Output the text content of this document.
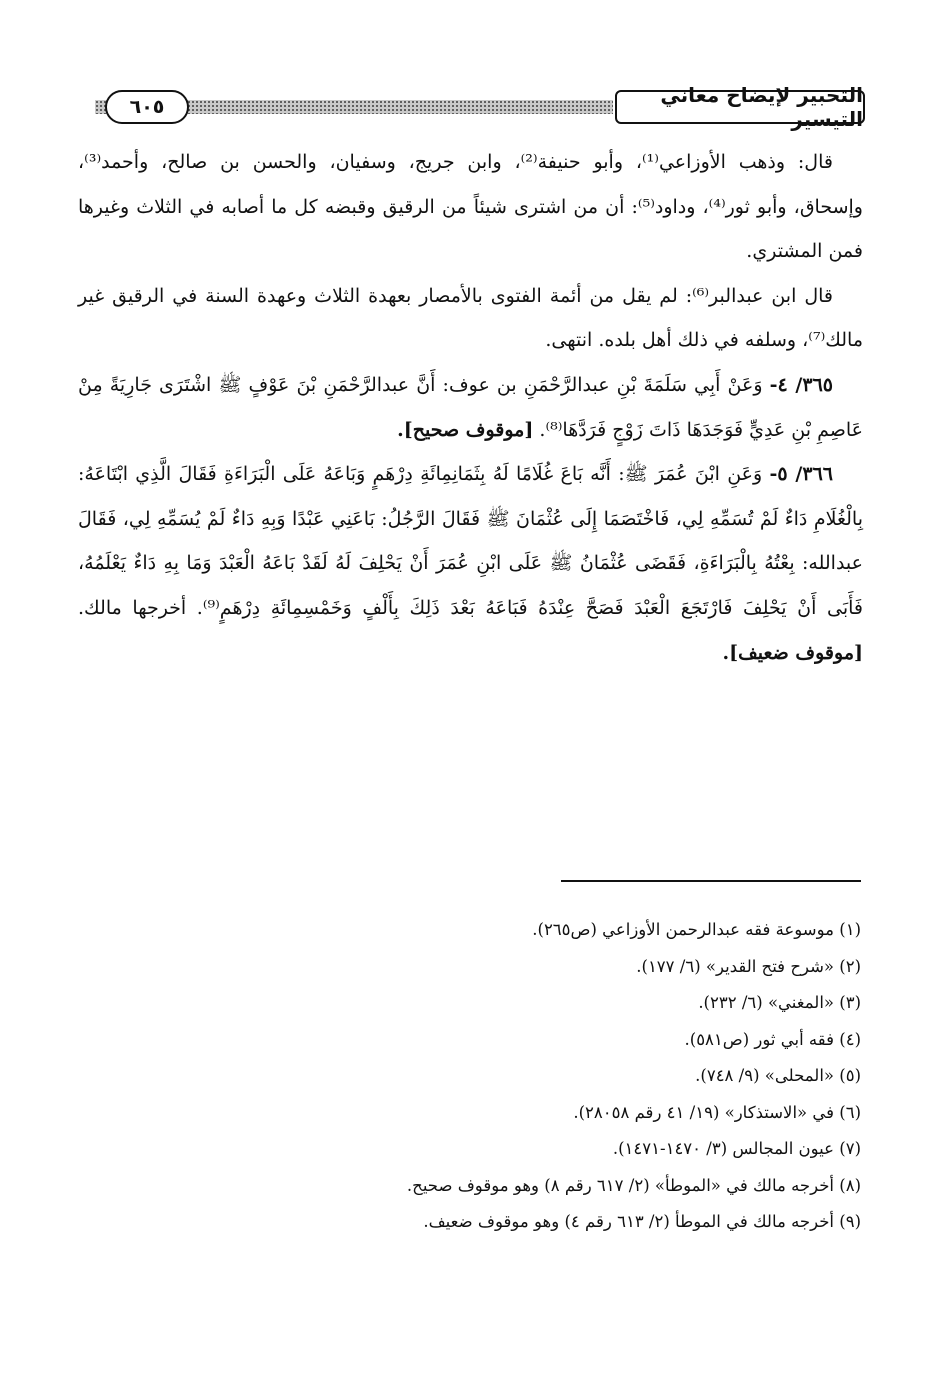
التحبير لإيضاح معاني التيسير
٦٠٥

قال: وذهب الأوزاعي⁽¹⁾، وأبو حنيفة⁽²⁾، وابن جريج، وسفيان، والحسن بن صالح، وأحمد⁽³⁾، وإسحاق، وأبو ثور⁽⁴⁾، وداود⁽⁵⁾: أن من اشترى شيئاً من الرقيق وقبضه كل ما أصابه في الثلاث وغيرها فمن المشتري.

قال ابن عبدالبر⁽⁶⁾: لم يقل من أئمة الفتوى بالأمصار بعهدة الثلاث وعهدة السنة في الرقيق غير مالك⁽⁷⁾، وسلفه في ذلك أهل بلده. انتهى.

٣٦٥/ ٤- وَعَنْ أَبِي سَلَمَةَ بْنِ عبدالرَّحْمَنِ بن عوف: أَنَّ عبدالرَّحْمَنِ بْنَ عَوْفٍ ﷺ اشْتَرَى جَارِيَةً مِنْ عَاصِمِ بْنِ عَدِيٍّ فَوَجَدَهَا ذَاتَ زَوْجٍ فَرَدَّهَا⁽⁸⁾. [موقوف صحيح].

٣٦٦/ ٥- وَعَنِ ابْنَ عُمَرَ ﷺ: أَنَّه بَاعَ غُلَامًا لَهُ بِثَمَانِمِائَةِ دِرْهَمٍ وَبَاعَهُ عَلَى الْبَرَاءَةِ فَقَالَ الَّذِي ابْتَاعَهُ: بِالْغُلَامِ دَاءٌ لَمْ تُسَمِّهِ لِي، فَاخْتَصَمَا إِلَى عُثْمَانَ ﷺ فَقَالَ الرَّجُلُ: بَاعَنِي عَبْدًا وَبِهِ دَاءٌ لَمْ يُسَمِّهِ لِي، فَقَالَ عبدالله: بِعْتُهُ بِالْبَرَاءَةِ، فَقَضَى عُثْمَانُ ﷺ عَلَى ابْنِ عُمَرَ أَنْ يَحْلِفَ لَهُ لَقَدْ بَاعَهُ الْعَبْدَ وَمَا بِهِ دَاءٌ يَعْلَمُهُ، فَأَبَى أَنْ يَحْلِفَ فَارْتَجَعَ الْعَبْدَ فَصَحَّ عِنْدَهُ فَبَاعَهُ بَعْدَ ذَلِكَ بِأَلْفٍ وَخَمْسِمِائَةِ دِرْهَمٍ⁽⁹⁾. أخرجها مالك. [موقوف ضعيف].

(١) موسوعة فقه عبدالرحمن الأوزاعي (ص٢٦٥).

(٢) «شرح فتح القدير» (٦/ ١٧٧).

(٣) «المغني» (٦/ ٢٣٢).

(٤) فقه أبي ثور (ص٥٨١).

(٥) «المحلى» (٩/ ٧٤٨).

(٦) في «الاستذكار» (١٩/ ٤١ رقم ٢٨٠٥٨).

(٧) عيون المجالس (٣/ ١٤٧٠-١٤٧١).

(٨) أخرجه مالك في «الموطأ» (٢/ ٦١٧ رقم ٨) وهو موقوف صحيح.

(٩) أخرجه مالك في الموطأ (٢/ ٦١٣ رقم ٤) وهو موقوف ضعيف.
